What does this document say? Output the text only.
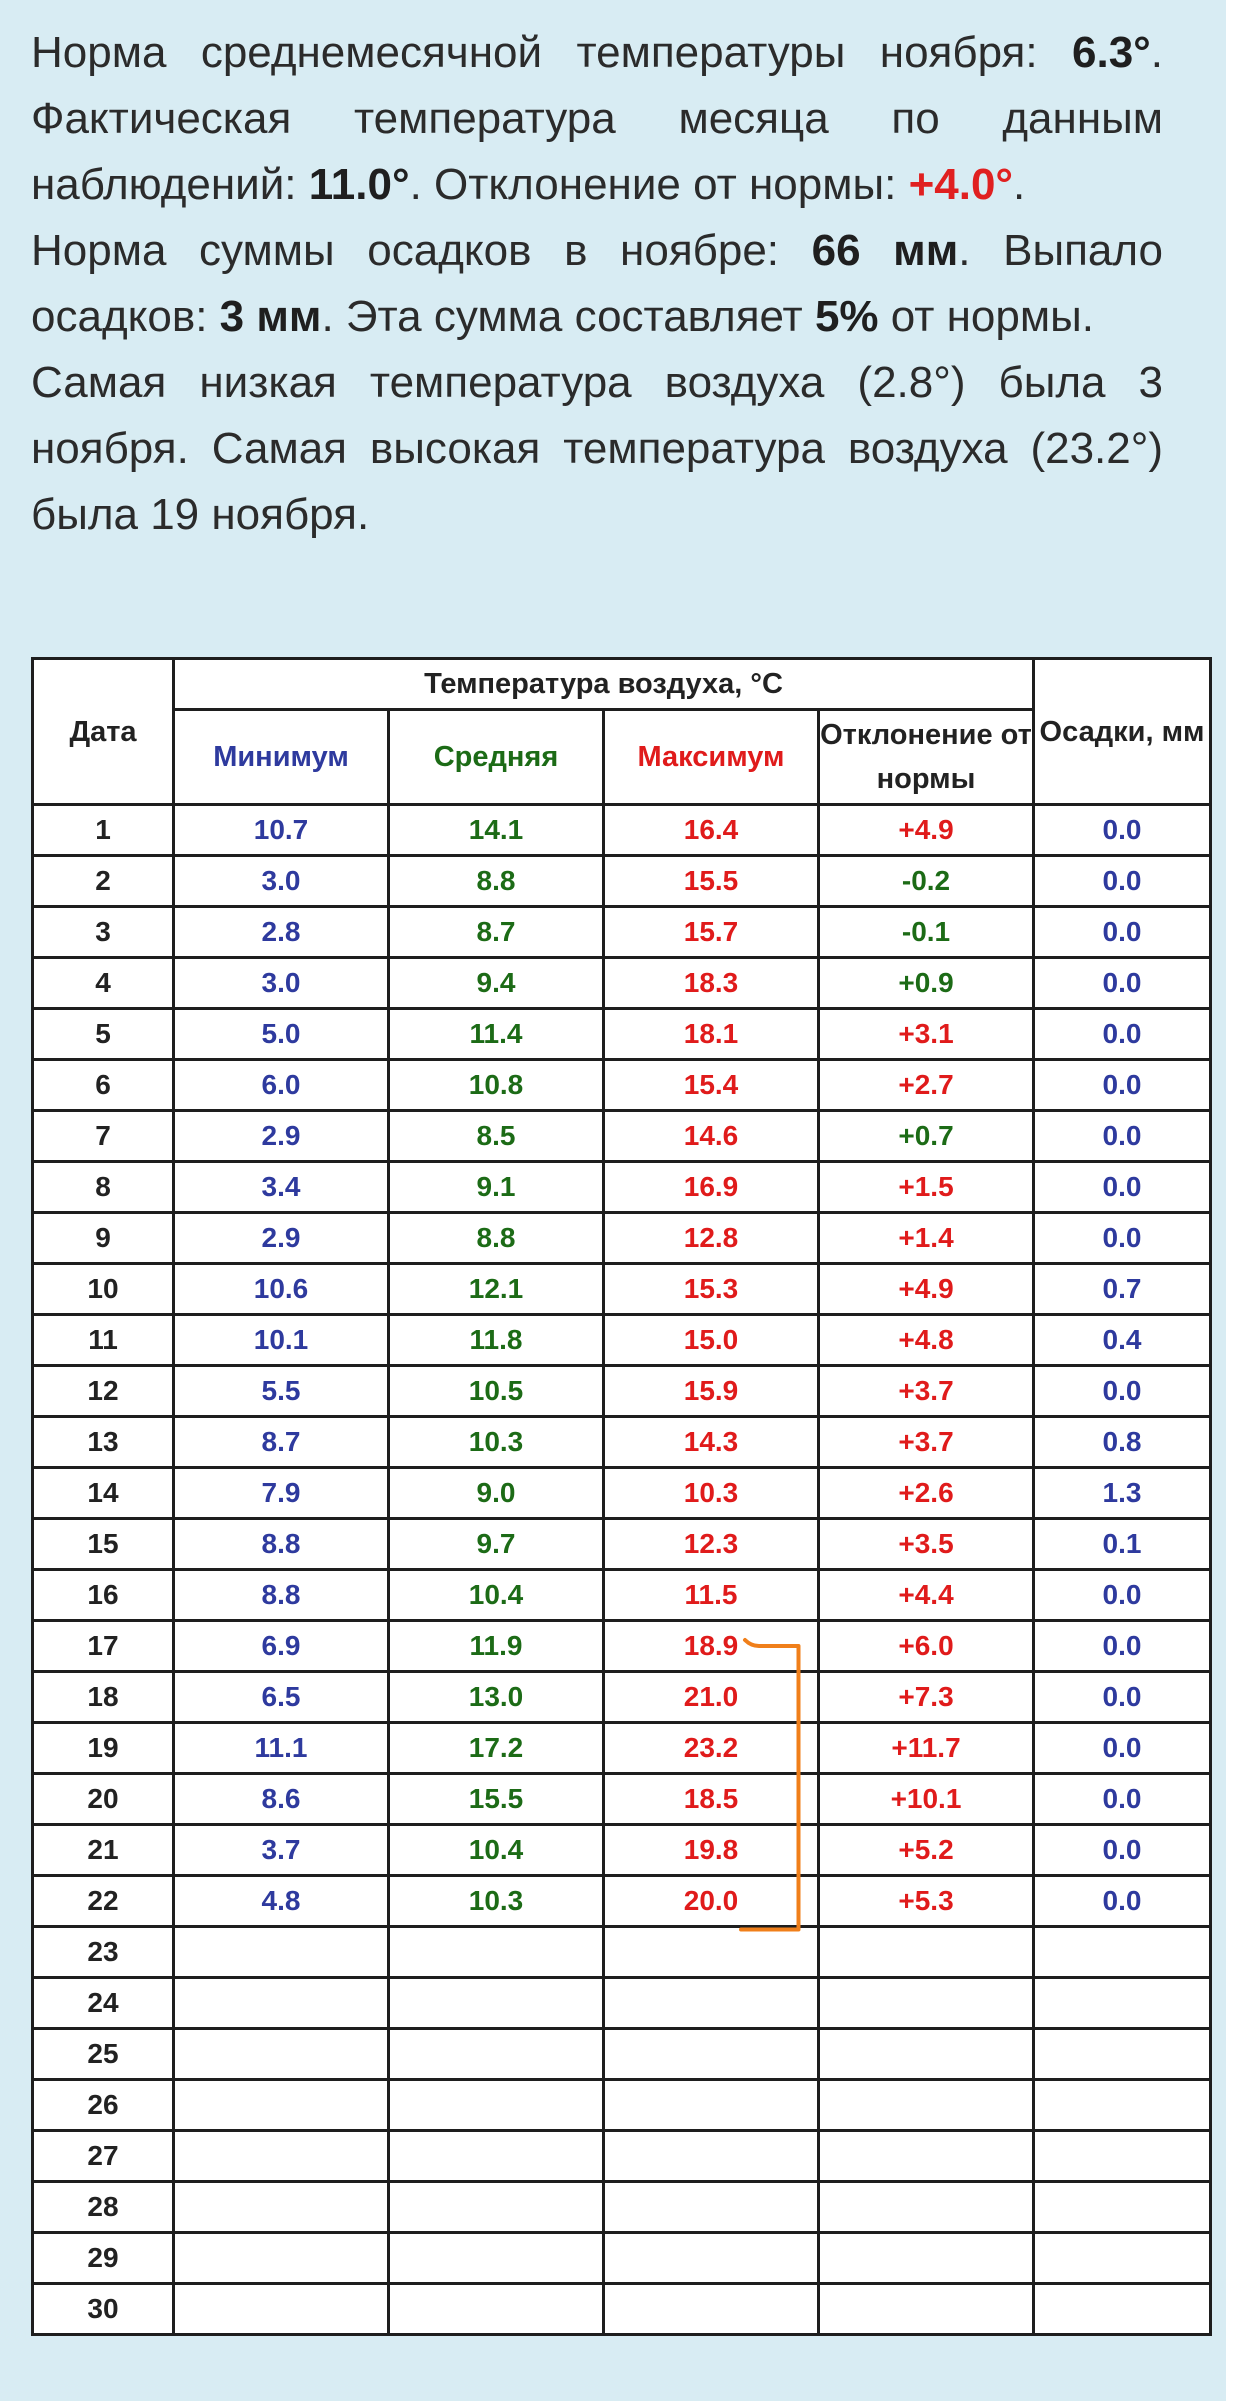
Норма среднемесячной температуры ноября: 6.3°. Фактическая температура месяца по данным наблюдений: 11.0°. Отклонение от нормы: +4.0°.

Норма суммы осадков в ноябре: 66 мм. Выпало осадков: 3 мм. Эта сумма составляет 5% от нормы.

Самая низкая температура воздуха (2.8°) была 3 ноября. Самая высокая температура воздуха (23.2°) была 19 ноября.

Дата	Температура воздуха, °C				Осадки, мм
	Минимум	Средняя	Максимум	Отклонение от нормы	
1	10.7	14.1	16.4	+4.9	0.0
2	3.0	8.8	15.5	-0.2	0.0
3	2.8	8.7	15.7	-0.1	0.0
4	3.0	9.4	18.3	+0.9	0.0
5	5.0	11.4	18.1	+3.1	0.0
6	6.0	10.8	15.4	+2.7	0.0
7	2.9	8.5	14.6	+0.7	0.0
8	3.4	9.1	16.9	+1.5	0.0
9	2.9	8.8	12.8	+1.4	0.0
10	10.6	12.1	15.3	+4.9	0.7
11	10.1	11.8	15.0	+4.8	0.4
12	5.5	10.5	15.9	+3.7	0.0
13	8.7	10.3	14.3	+3.7	0.8
14	7.9	9.0	10.3	+2.6	1.3
15	8.8	9.7	12.3	+3.5	0.1
16	8.8	10.4	11.5	+4.4	0.0
17	6.9	11.9	18.9	+6.0	0.0
18	6.5	13.0	21.0	+7.3	0.0
19	11.1	17.2	23.2	+11.7	0.0
20	8.6	15.5	18.5	+10.1	0.0
21	3.7	10.4	19.8	+5.2	0.0
22	4.8	10.3	20.0	+5.3	0.0
23					
24					
25					
26					
27					
28					
29					
30					
